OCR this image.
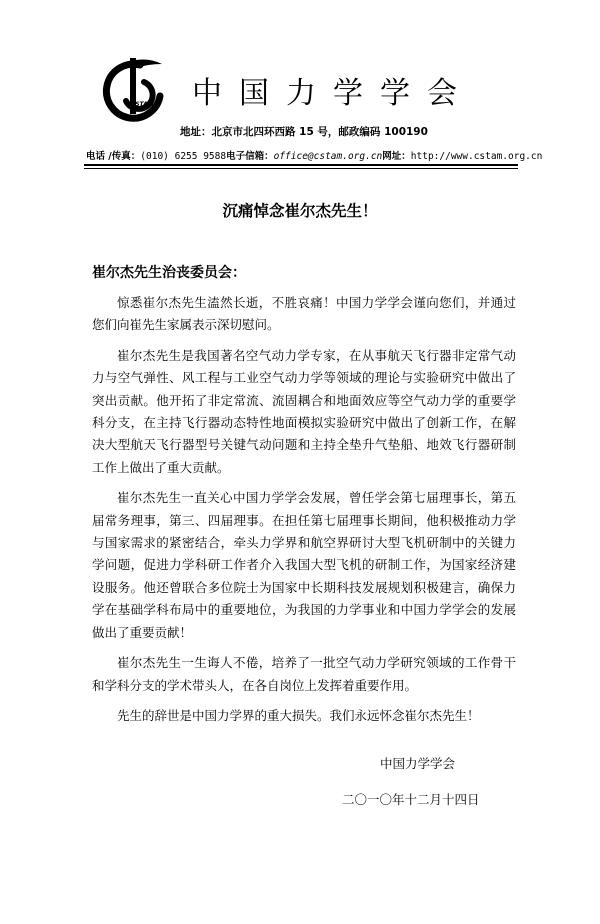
CSTAM 中国力学学会
地址：北京市北四环西路 15 号，邮政编码 100190
电话 /传真：(010) 6255 9588 电子信箱：office@cstam.org.cn 网址：http://www.cstam.org.cn
沉痛悼念崔尔杰先生！
崔尔杰先生治丧委员会：

惊悉崔尔杰先生溘然长逝，不胜哀痛！中国力学学会谨向您们，并通过您们向崔先生家属表示深切慰问。

崔尔杰先生是我国著名空气动力学专家，在从事航天飞行器非定常气动力与空气弹性、风工程与工业空气动力学等领域的理论与实验研究中做出了突出贡献。他开拓了非定常流、流固耦合和地面效应等空气动力学的重要学科分支，在主持飞行器动态特性地面模拟实验研究中做出了创新工作，在解决大型航天飞行器型号关键气动问题和主持全垫升气垫船、地效飞行器研制工作上做出了重大贡献。

崔尔杰先生一直关心中国力学学会发展，曾任学会第七届理事长，第五届常务理事，第三、四届理事。在担任第七届理事长期间，他积极推动力学与国家需求的紧密结合，牵头力学界和航空界研讨大型飞机研制中的关键力学问题，促进力学科研工作者介入我国大型飞机的研制工作，为国家经济建设服务。他还曾联合多位院士为国家中长期科技发展规划积极建言，确保力学在基础学科布局中的重要地位，为我国的力学事业和中国力学学会的发展做出了重要贡献！

崔尔杰先生一生诲人不倦，培养了一批空气动力学研究领域的工作骨干和学科分支的学术带头人，在各自岗位上发挥着重要作用。

先生的辞世是中国力学界的重大损失。我们永远怀念崔尔杰先生！

中国力学学会
二〇一〇年十二月十四日
